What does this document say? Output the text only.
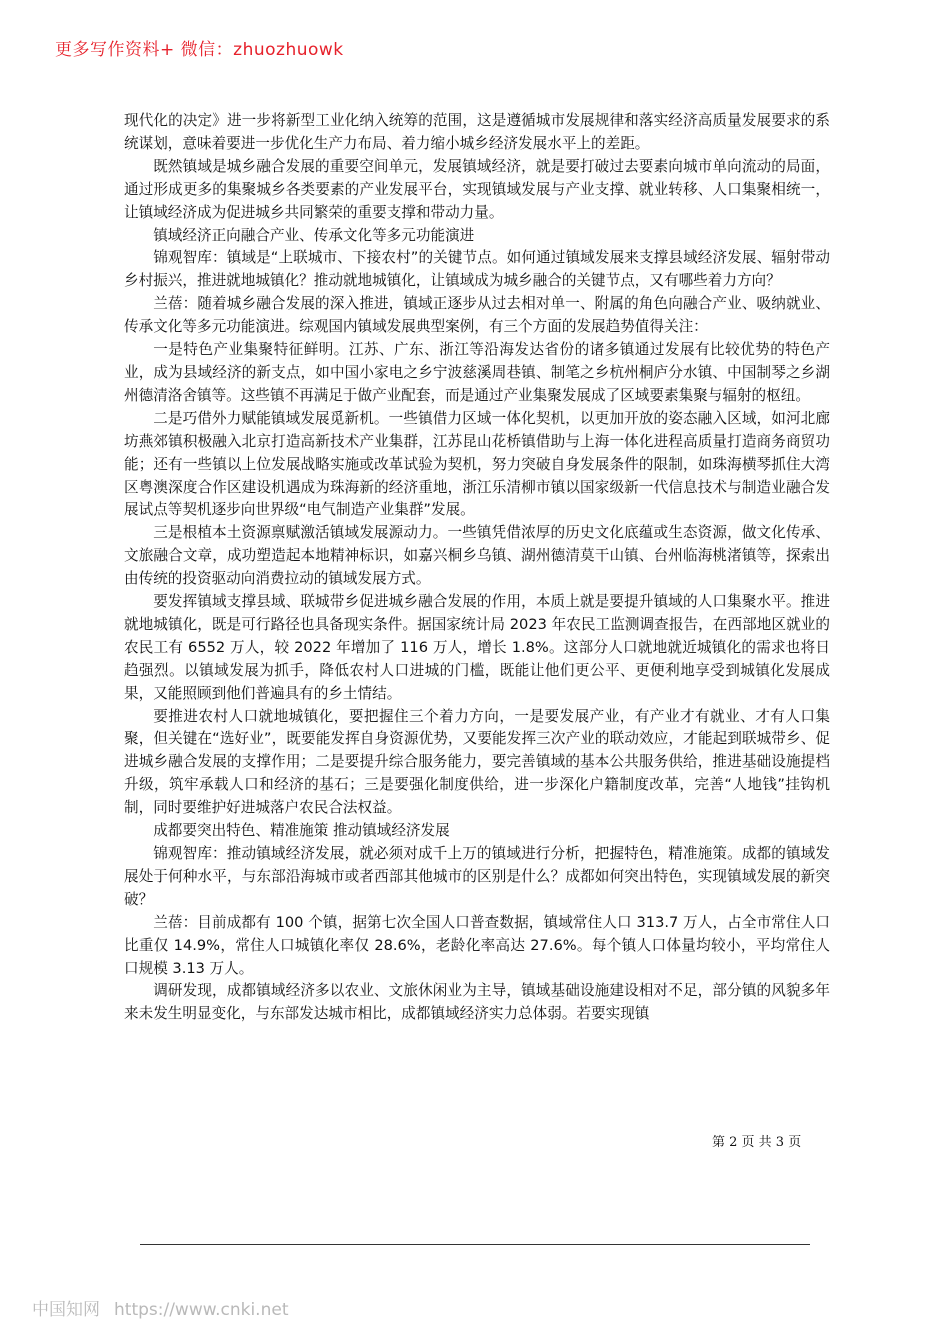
更多写作资料+ 微信：zhuozhuowk

现代化的决定》进一步将新型工业化纳入统筹的范围，这是遵循城市发展规律和落实经济高质量发展要求的系统谋划，意味着要进一步优化生产力布局、着力缩小城乡经济发展水平上的差距。

既然镇域是城乡融合发展的重要空间单元，发展镇域经济，就是要打破过去要素向城市单向流动的局面，通过形成更多的集聚城乡各类要素的产业发展平台，实现镇域发展与产业支撑、就业转移、人口集聚相统一，让镇域经济成为促进城乡共同繁荣的重要支撑和带动力量。

镇域经济正向融合产业、传承文化等多元功能演进

锦观智库：镇域是“上联城市、下接农村”的关键节点。如何通过镇域发展来支撑县域经济发展、辐射带动乡村振兴，推进就地城镇化？推动就地城镇化，让镇域成为城乡融合的关键节点，又有哪些着力方向？

兰蓓：随着城乡融合发展的深入推进，镇域正逐步从过去相对单一、附属的角色向融合产业、吸纳就业、传承文化等多元功能演进。综观国内镇域发展典型案例，有三个方面的发展趋势值得关注：

一是特色产业集聚特征鲜明。江苏、广东、浙江等沿海发达省份的诸多镇通过发展有比较优势的特色产业，成为县域经济的新支点，如中国小家电之乡宁波慈溪周巷镇、制笔之乡杭州桐庐分水镇、中国制琴之乡湖州德清洛舍镇等。这些镇不再满足于做产业配套，而是通过产业集聚发展成了区域要素集聚与辐射的枢纽。

二是巧借外力赋能镇域发展觅新机。一些镇借力区域一体化契机，以更加开放的姿态融入区域，如河北廊坊燕郊镇积极融入北京打造高新技术产业集群，江苏昆山花桥镇借助与上海一体化进程高质量打造商务商贸功能；还有一些镇以上位发展战略实施或改革试验为契机，努力突破自身发展条件的限制，如珠海横琴抓住大湾区粤澳深度合作区建设机遇成为珠海新的经济重地，浙江乐清柳市镇以国家级新一代信息技术与制造业融合发展试点等契机逐步向世界级“电气制造产业集群”发展。

三是根植本土资源禀赋激活镇域发展源动力。一些镇凭借浓厚的历史文化底蕴或生态资源，做文化传承、文旅融合文章，成功塑造起本地精神标识，如嘉兴桐乡乌镇、湖州德清莫干山镇、台州临海桃渚镇等，探索出由传统的投资驱动向消费拉动的镇域发展方式。

要发挥镇域支撑县域、联城带乡促进城乡融合发展的作用，本质上就是要提升镇域的人口集聚水平。推进就地城镇化，既是可行路径也具备现实条件。据国家统计局 2023 年农民工监测调查报告，在西部地区就业的农民工有 6552 万人，较 2022 年增加了 116 万人，增长 1.8%。这部分人口就地就近城镇化的需求也将日趋强烈。以镇域发展为抓手，降低农村人口进城的门槛，既能让他们更公平、更便利地享受到城镇化发展成果，又能照顾到他们普遍具有的乡土情结。

要推进农村人口就地城镇化，要把握住三个着力方向，一是要发展产业，有产业才有就业、才有人口集聚，但关键在“选好业”，既要能发挥自身资源优势，又要能发挥三次产业的联动效应，才能起到联城带乡、促进城乡融合发展的支撑作用；二是要提升综合服务能力，要完善镇域的基本公共服务供给，推进基础设施提档升级，筑牢承载人口和经济的基石；三是要强化制度供给，进一步深化户籍制度改革，完善“人地钱”挂钩机制，同时要维护好进城落户农民合法权益。

成都要突出特色、精准施策 推动镇域经济发展

锦观智库：推动镇域经济发展，就必须对成千上万的镇域进行分析，把握特色，精准施策。成都的镇域发展处于何种水平，与东部沿海城市或者西部其他城市的区别是什么？成都如何突出特色，实现镇域发展的新突破？

兰蓓：目前成都有 100 个镇，据第七次全国人口普查数据，镇域常住人口 313.7 万人，占全市常住人口比重仅 14.9%，常住人口城镇化率仅 28.6%，老龄化率高达 27.6%。每个镇人口体量均较小，平均常住人口规模 3.13 万人。

调研发现，成都镇域经济多以农业、文旅休闲业为主导，镇域基础设施建设相对不足，部分镇的风貌多年来未发生明显变化，与东部发达城市相比，成都镇域经济实力总体弱。若要实现镇

第 2 页 共 3 页
中国知网 https://www.cnki.net
